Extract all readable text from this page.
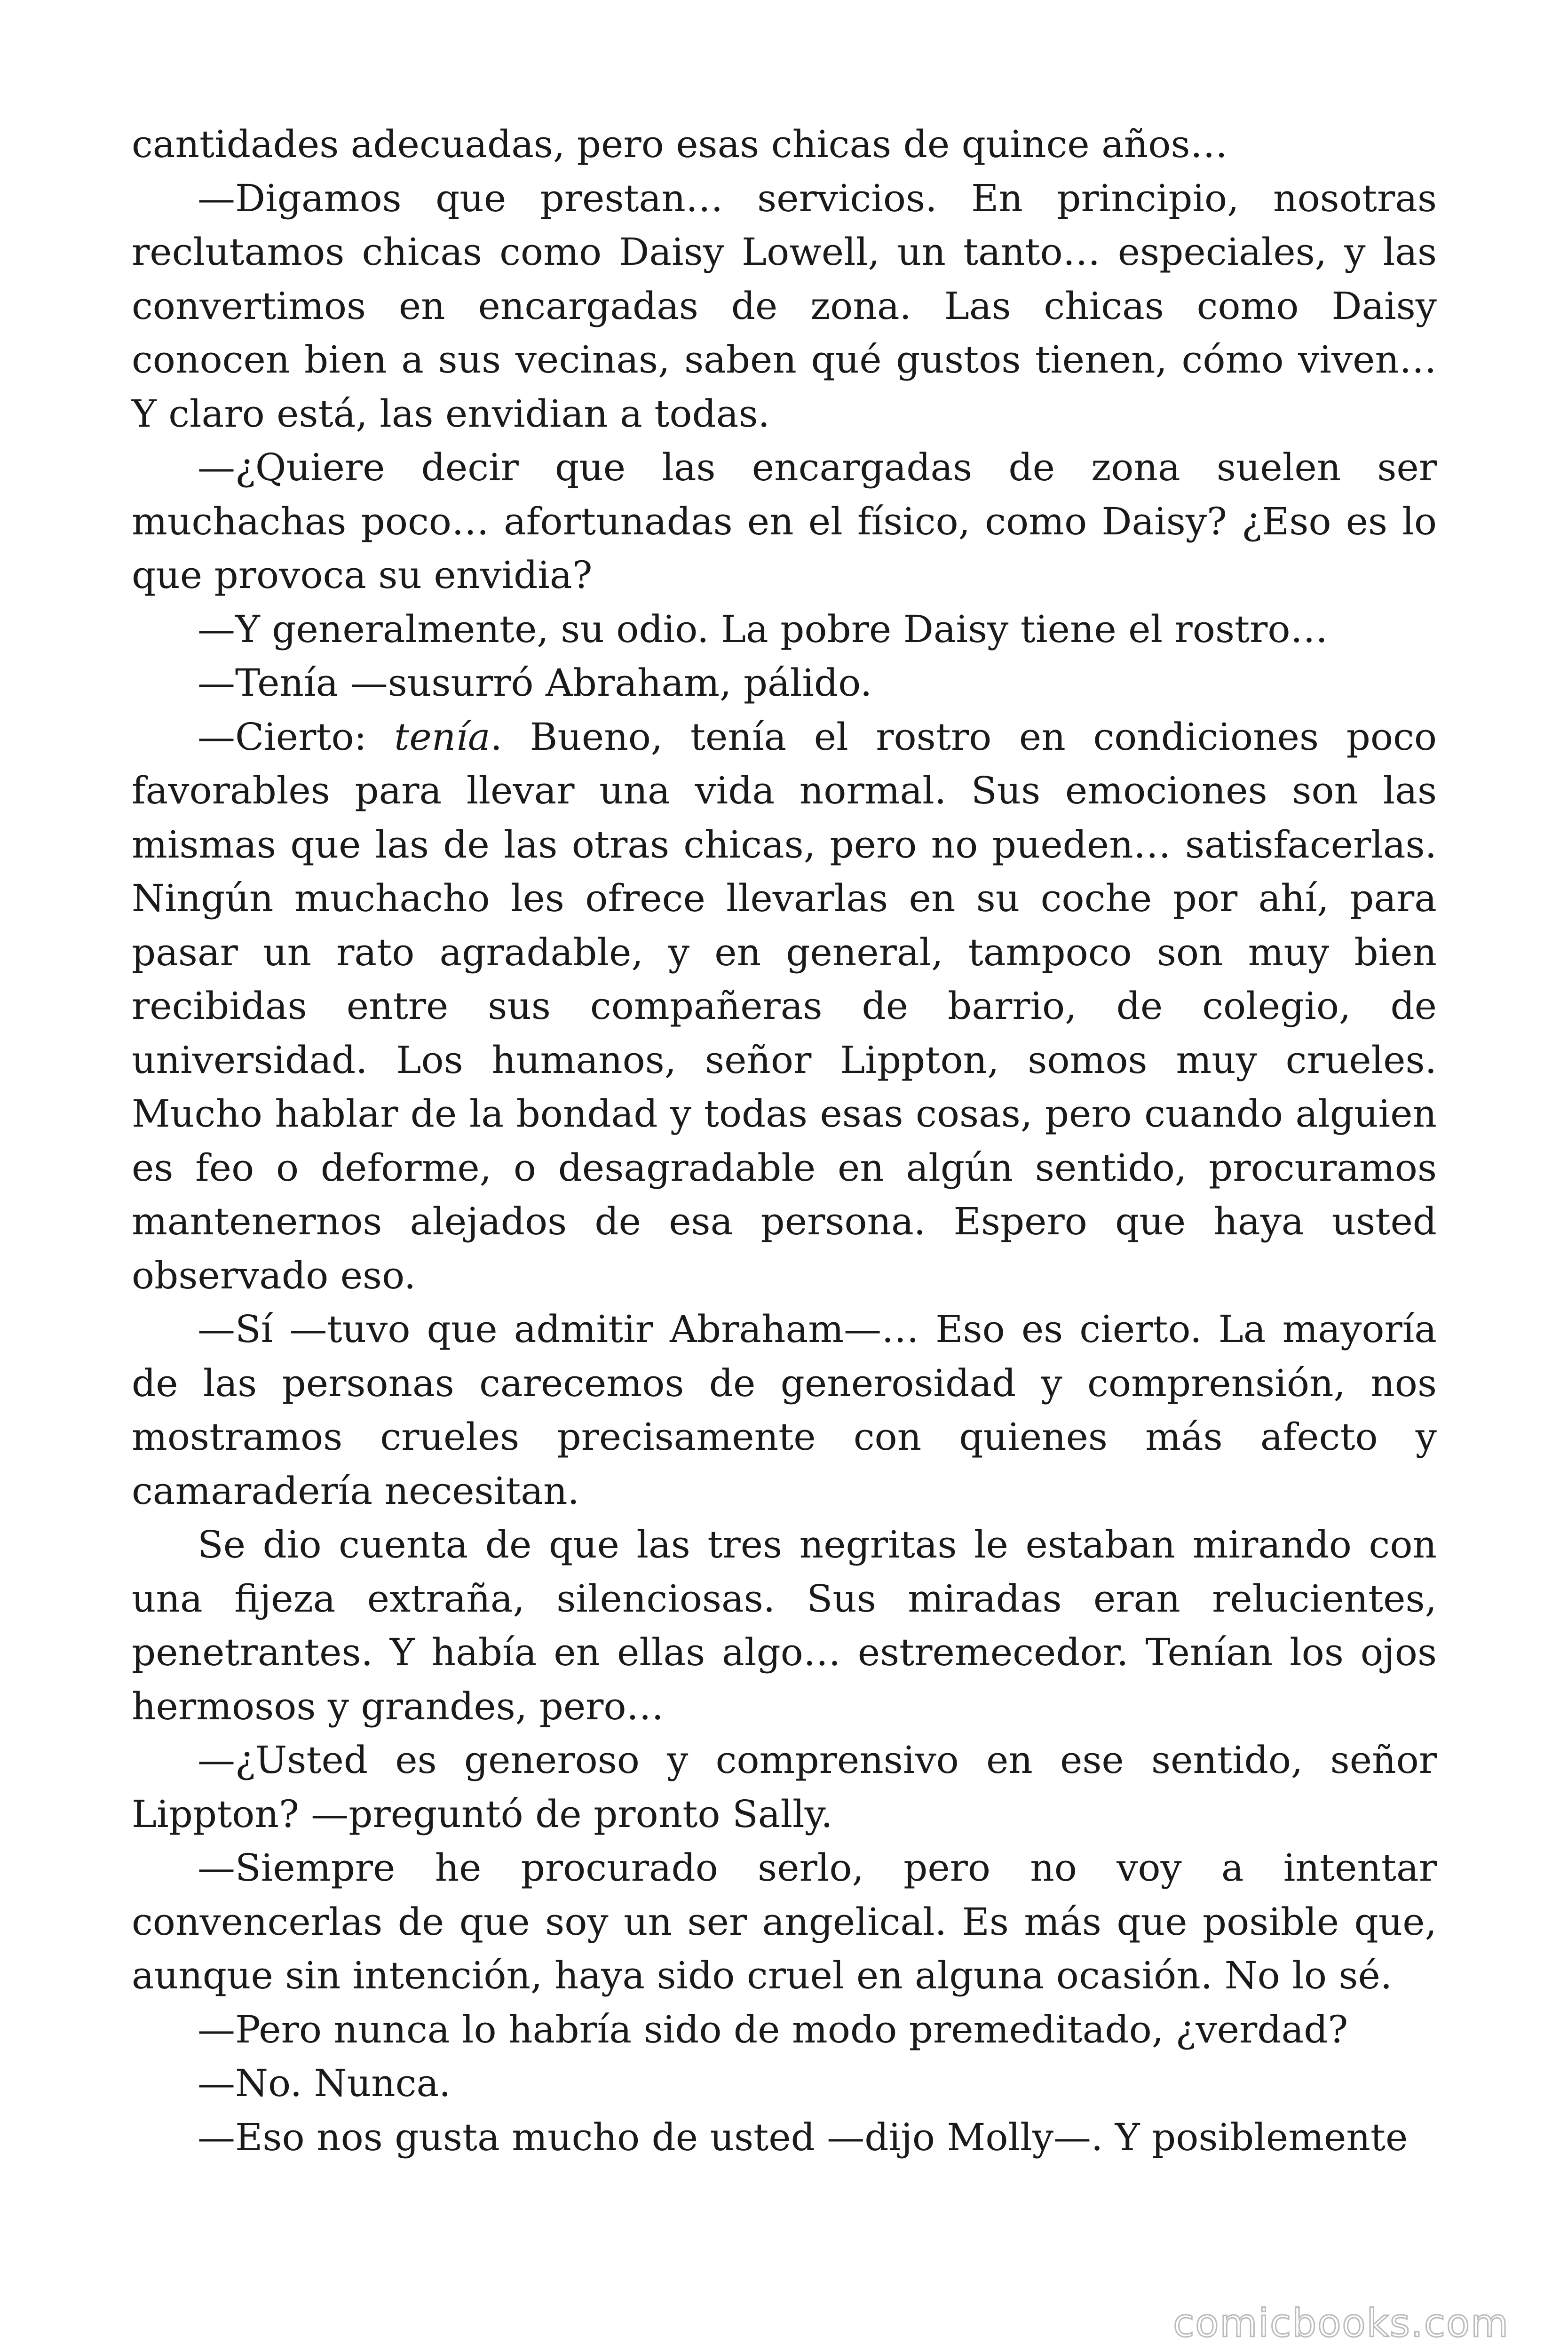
cantidades adecuadas, pero esas chicas de quince años…

—Digamos que prestan… servicios. En principio, nosotras reclutamos chicas como Daisy Lowell, un tanto… especiales, y las convertimos en encargadas de zona. Las chicas como Daisy conocen bien a sus vecinas, saben qué gustos tienen, cómo viven… Y claro está, las envidian a todas.

—¿Quiere decir que las encargadas de zona suelen ser muchachas poco… afortunadas en el físico, como Daisy? ¿Eso es lo que provoca su envidia?

—Y generalmente, su odio. La pobre Daisy tiene el rostro…

—Tenía —susurró Abraham, pálido.

—Cierto: tenía. Bueno, tenía el rostro en condiciones poco favorables para llevar una vida normal. Sus emociones son las mismas que las de las otras chicas, pero no pueden… satisfacerlas. Ningún muchacho les ofrece llevarlas en su coche por ahí, para pasar un rato agradable, y en general, tampoco son muy bien recibidas entre sus compañeras de barrio, de colegio, de universidad. Los humanos, señor Lippton, somos muy crueles. Mucho hablar de la bondad y todas esas cosas, pero cuando alguien es feo o deforme, o desagradable en algún sentido, procuramos mantenernos alejados de esa persona. Espero que haya usted observado eso.

—Sí —tuvo que admitir Abraham—… Eso es cierto. La mayoría de las personas carecemos de generosidad y comprensión, nos mostramos crueles precisamente con quienes más afecto y camaradería necesitan.

Se dio cuenta de que las tres negritas le estaban mirando con una fijeza extraña, silenciosas. Sus miradas eran relucientes, penetrantes. Y había en ellas algo… estremecedor. Tenían los ojos hermosos y grandes, pero…

—¿Usted es generoso y comprensivo en ese sentido, señor Lippton? —preguntó de pronto Sally.

—Siempre he procurado serlo, pero no voy a intentar convencerlas de que soy un ser angelical. Es más que posible que, aunque sin intención, haya sido cruel en alguna ocasión. No lo sé.

—Pero nunca lo habría sido de modo premeditado, ¿verdad?

—No. Nunca.

—Eso nos gusta mucho de usted —dijo Molly—. Y posiblemente

comicbooks.com
